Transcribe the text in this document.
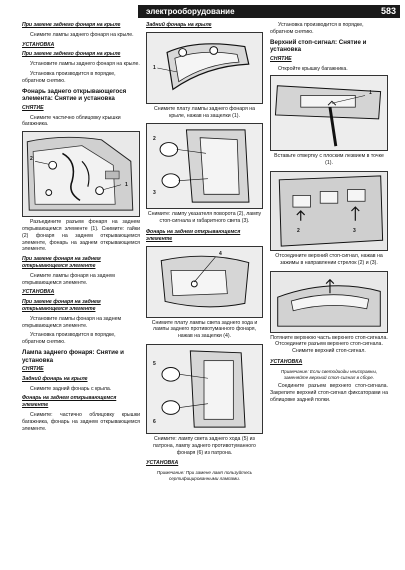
электрооборудование	583
При замене заднего фонаря на крыле
Снимите лампы заднего фонаря на крыле.
УСТАНОВКА
При замене заднего фонаря на крыле
Установите лампы заднего фонаря на крыле.
Установка производится в порядке, обратном снятию.
Фонарь заднего открывающегося элемента: Снятие и установка
СНЯТИЕ
Снимите частично облицовку крышки багажника.
2
1
Разъедините разъем фонаря на заднем открывающемся элементе (1). Снимите: гайки (2) фонаря на заднем открывающемся элементе, фонарь на заднем открывающемся элементе.
При замене фонаря на заднем открывающемся элементе
Снимите лампы фонаря на заднем открывающемся элементе.
УСТАНОВКА
При замене фонаря на заднем открывающемся элементе
Установите лампы фонаря на заднем открывающемся элементе.
Установка производится в порядке, обратном снятию.
Лампа заднего фонаря: Снятие и установка
СНЯТИЕ
Задний фонарь на крыле
Снимите задний фонарь с крыла.
Фонарь на заднем открывающемся элементе
Снимите: частично облицовку крышки багажника, фонарь на заднем открывающемся элементе.
Задний фонарь на крыле
1
Снимите плату лампы заднего фонаря на крыле, нажав на защелки (1).
2
3
Снимите: лампу указателя поворота (2), лампу стоп-сигнала и габаритного света (3).
Фонарь на заднем открывающемся элементе
4
Снимите плату лампы света заднего хода и лампы заднего противотуманного фонаря, нажав на защелки (4).
5
6
Снимите: лампу света заднего хода (5) из патрона, лампу заднего противотуманного фонаря (6) из патрона.
УСТАНОВКА
Примечание: При замене ламп пользуйтесь сертифицированными лампами.
Установка производится в порядке, обратном снятию.
Верхний стоп-сигнал: Снятие и установка
СНЯТИЕ
Откройте крышку багажника.
1
Вставьте отвертку с плоским лезвием в точке (1).
2	3
Отсоедините верхний стоп-сигнал, нажав на зажимы в направлении стрелок (2) и (3).
Потяните верхнюю часть верхнего стоп-сигнала. Отсоедините разъем верхнего стоп-сигнала. Снимите верхний стоп-сигнал.
УСТАНОВКА
Примечание: Если светодиоды неисправны, заменяйте верхний стоп-сигнал в сборе.
Соедините разъем верхнего стоп-сигнала. Закрепите верхний стоп-сигнал фиксаторами на облицовке задней полки.
